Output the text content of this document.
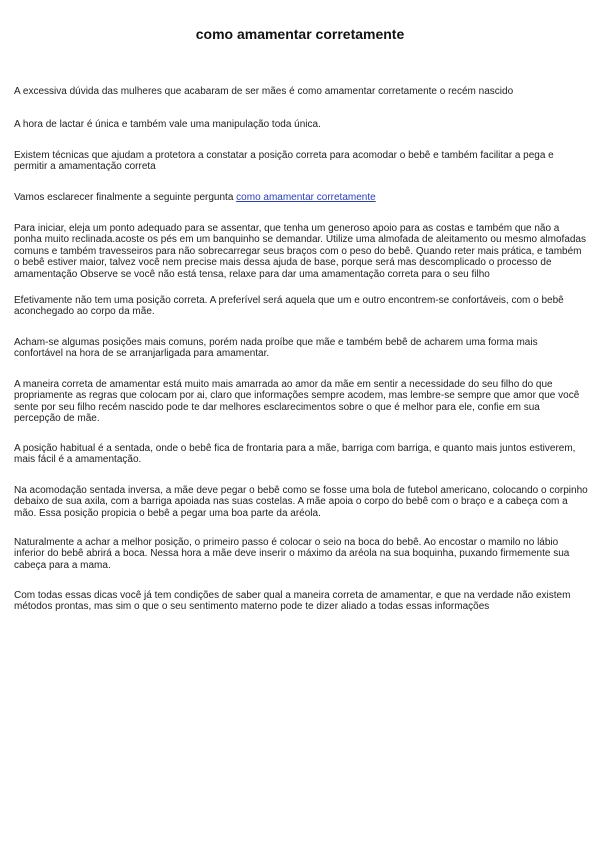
como amamentar corretamente

A excessiva dúvida das mulheres que acabaram de ser mães é como amamentar corretamente o recém nascido

A hora de lactar é única e também vale uma manipulação toda única.

Existem técnicas que ajudam a protetora a constatar a posição correta para acomodar o bebê e também facilitar a pega e permitir a amamentação correta

Vamos esclarecer finalmente a seguinte pergunta como amamentar corretamente

Para iniciar, eleja um ponto adequado para se assentar, que tenha um generoso apoio para as costas e também que não a ponha muito reclinada.acoste os pés em um banquinho se demandar. Utilize uma almofada de aleitamento ou mesmo almofadas comuns e também travesseiros para não sobrecarregar seus braços com o peso do bebê. Quando reter mais prática, e também o bebê estiver maior, talvez você nem precise mais dessa ajuda de base, porque será mas descomplicado o processo de amamentação Observe se você não está tensa, relaxe para dar uma amamentação correta para o seu filho

Efetivamente não tem uma posição correta. A preferível será aquela que um e outro encontrem-se confortáveis, com o bebê aconchegado ao corpo da mãe.

Acham-se algumas posições mais comuns, porém nada proíbe que mãe e também bebê de acharem uma forma mais confortável na hora de se arranjarligada para amamentar.

A maneira correta de amamentar está muito mais amarrada ao amor da mãe em sentir a necessidade do seu filho do que propriamente as regras que colocam por ai, claro que informações sempre acodem, mas lembre-se sempre que amor que você sente por seu filho recém nascido pode te dar melhores esclarecimentos sobre o que é melhor para ele, confie em sua percepção de mãe.

A posição habitual é a sentada, onde o bebê fica de frontaria para a mãe, barriga com barriga, e quanto mais juntos estiverem, mais fácil é a amamentação.

Na acomodação sentada inversa, a mãe deve pegar o bebê como se fosse uma bola de futebol americano, colocando o corpinho debaixo de sua axila, com a barriga apoiada nas suas costelas. A mãe apoia o corpo do bebê com o braço e a cabeça com a mão. Essa posição propicia o bebê a pegar uma boa parte da aréola.

Naturalmente a achar a melhor posição, o primeiro passo é colocar o seio na boca do bebê. Ao encostar o mamilo no lábio inferior do bebê abrirá a boca. Nessa hora a mãe deve inserir o máximo da aréola na sua boquinha, puxando firmemente sua cabeça para a mama.

Com todas essas dicas você já tem condições de saber qual a maneira correta de amamentar, e que na verdade não existem métodos prontas, mas sim o que o seu sentimento materno pode te dizer aliado a todas essas informações
